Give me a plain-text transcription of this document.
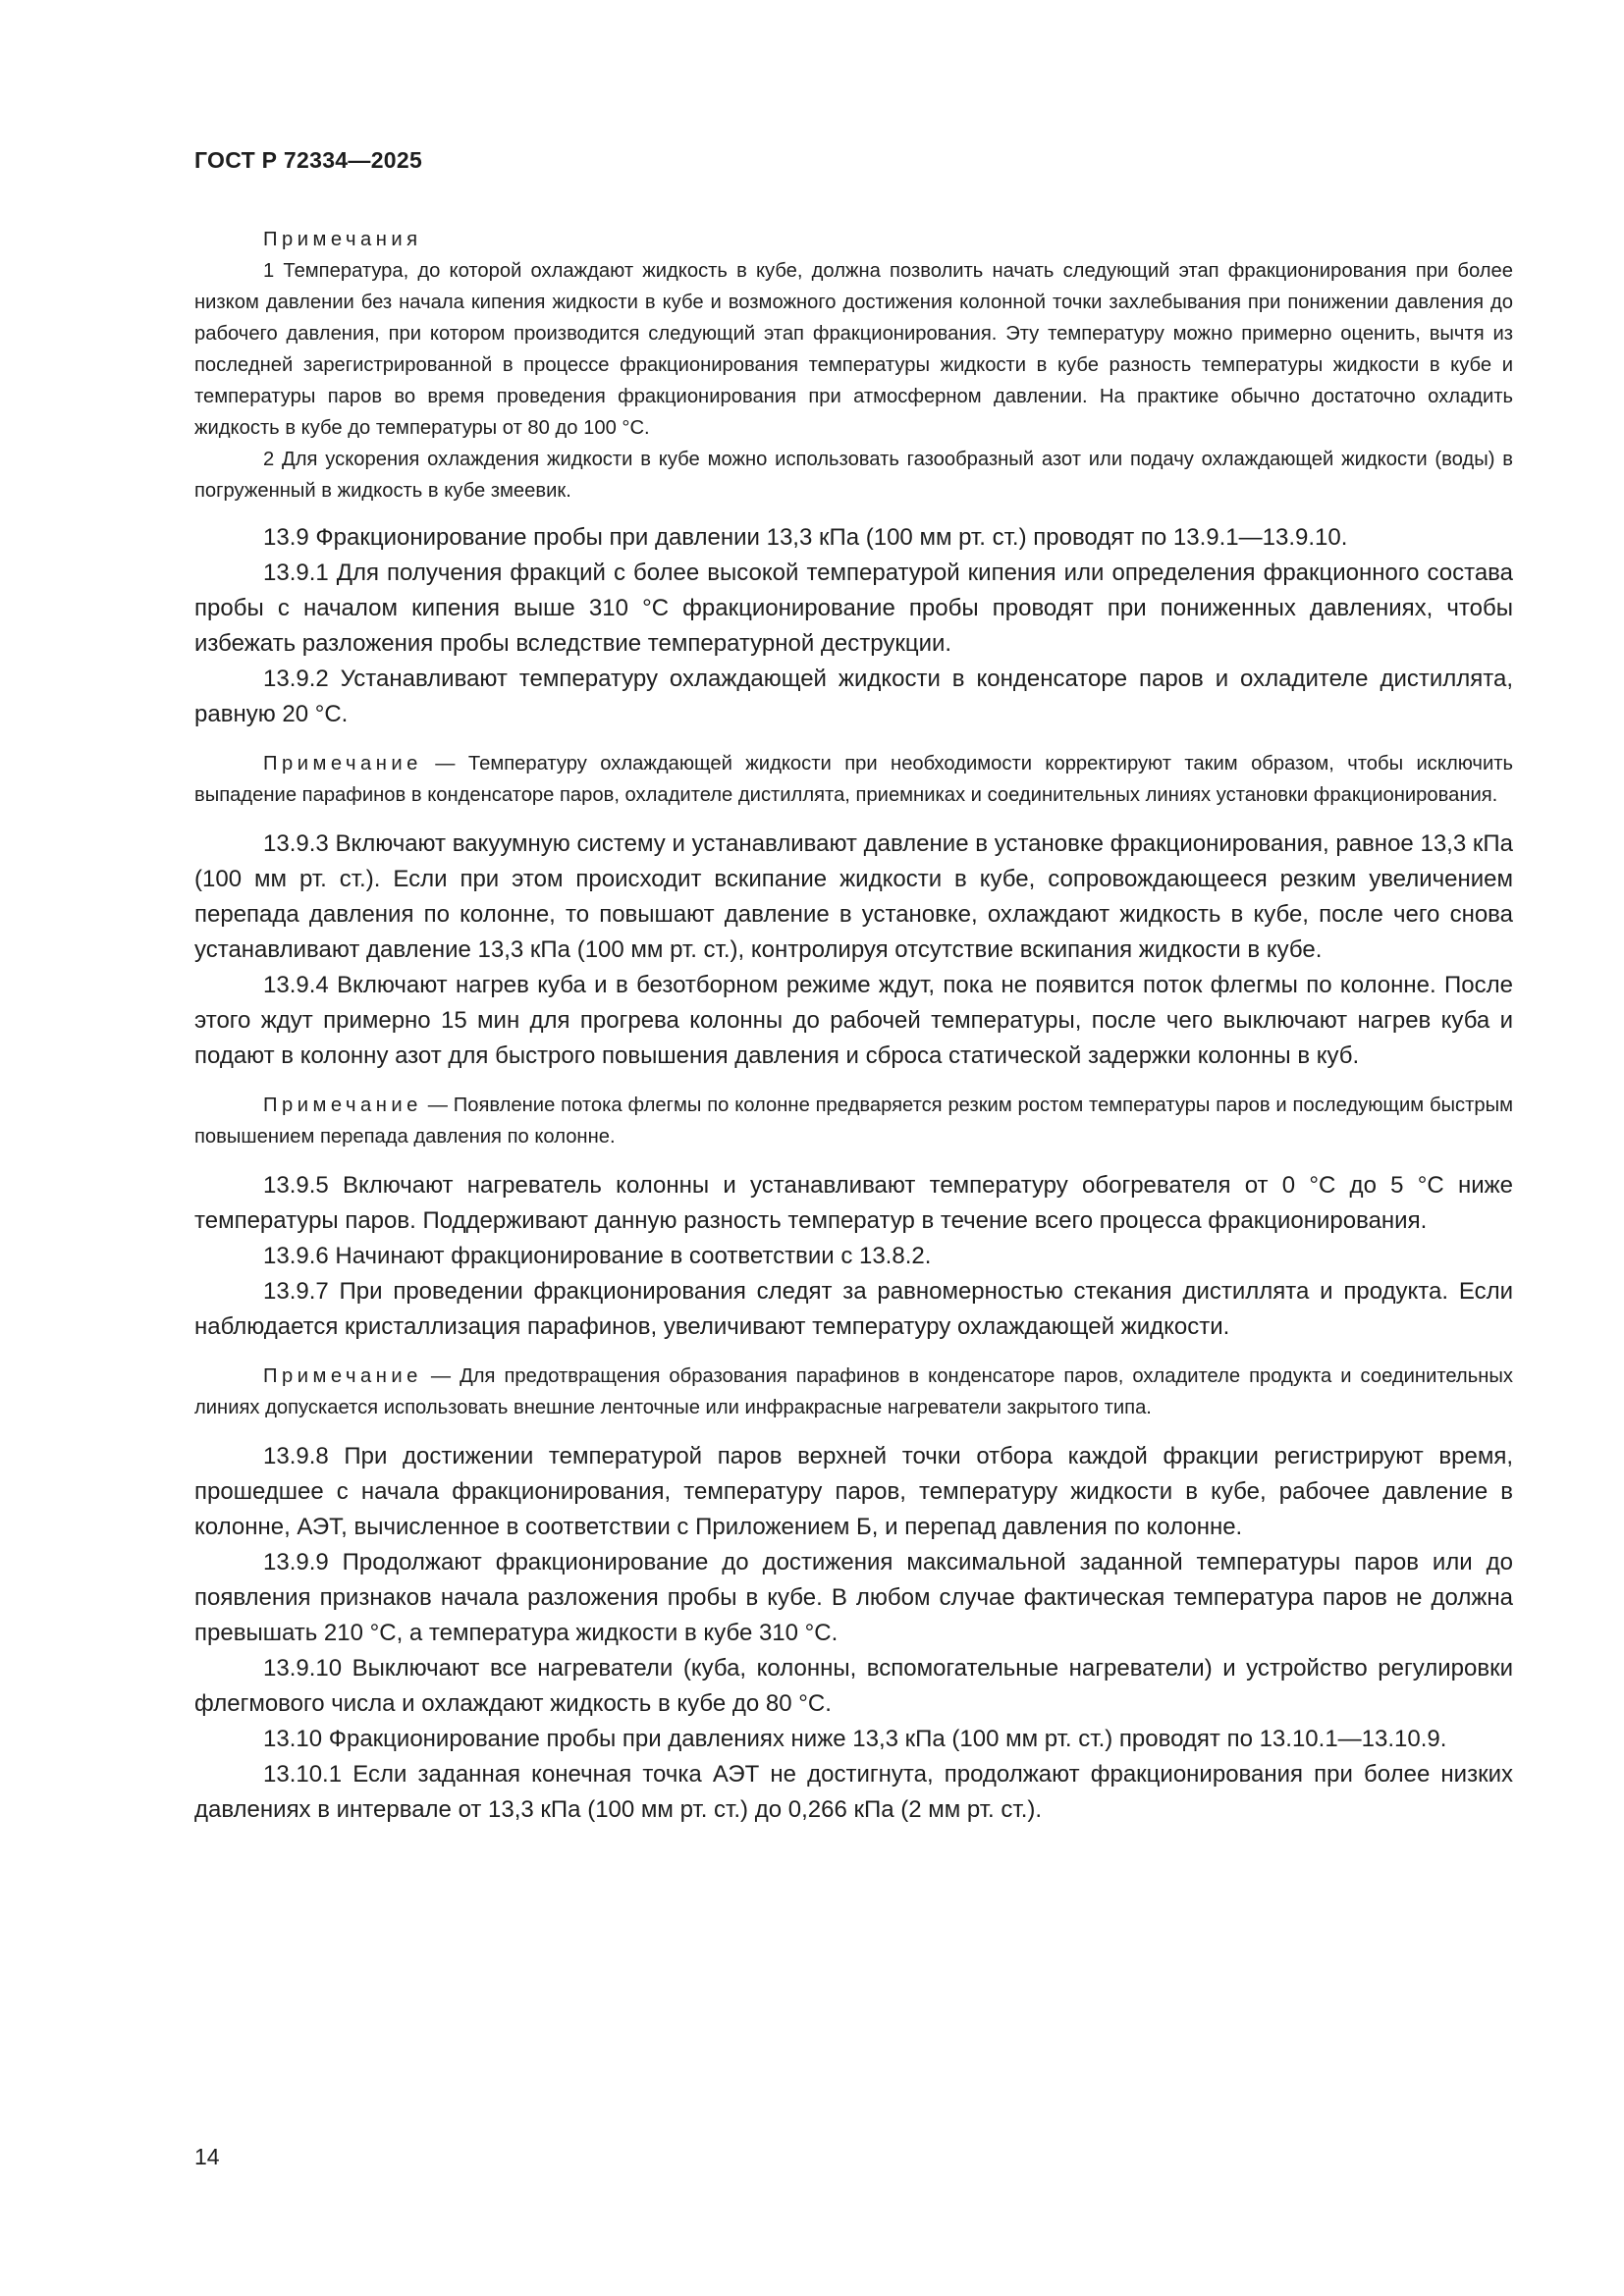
ГОСТ Р 72334—2025
Примечания

1 Температура, до которой охлаждают жидкость в кубе, должна позволить начать следующий этап фракционирования при более низком давлении без начала кипения жидкости в кубе и возможного достижения колонной точки захлебывания при понижении давления до рабочего давления, при котором производится следующий этап фракционирования. Эту температуру можно примерно оценить, вычтя из последней зарегистрированной в процессе фракционирования температуры жидкости в кубе разность температуры жидкости в кубе и температуры паров во время проведения фракционирования при атмосферном давлении. На практике обычно достаточно охладить жидкость в кубе до температуры от 80 до 100 °С.

2 Для ускорения охлаждения жидкости в кубе можно использовать газообразный азот или подачу охлаждающей жидкости (воды) в погруженный в жидкость в кубе змеевик.

13.9 Фракционирование пробы при давлении 13,3 кПа (100 мм рт. ст.) проводят по 13.9.1—13.9.10.

13.9.1 Для получения фракций с более высокой температурой кипения или определения фракционного состава пробы с началом кипения выше 310 °С фракционирование пробы проводят при пониженных давлениях, чтобы избежать разложения пробы вследствие температурной деструкции.

13.9.2 Устанавливают температуру охлаждающей жидкости в конденсаторе паров и охладителе дистиллята, равную 20 °С.

Примечание — Температуру охлаждающей жидкости при необходимости корректируют таким образом, чтобы исключить выпадение парафинов в конденсаторе паров, охладителе дистиллята, приемниках и соединительных линиях установки фракционирования.

13.9.3 Включают вакуумную систему и устанавливают давление в установке фракционирования, равное 13,3 кПа (100 мм рт. ст.). Если при этом происходит вскипание жидкости в кубе, сопровождающееся резким увеличением перепада давления по колонне, то повышают давление в установке, охлаждают жидкость в кубе, после чего снова устанавливают давление 13,3 кПа (100 мм рт. ст.), контролируя отсутствие вскипания жидкости в кубе.

13.9.4 Включают нагрев куба и в безотборном режиме ждут, пока не появится поток флегмы по колонне. После этого ждут примерно 15 мин для прогрева колонны до рабочей температуры, после чего выключают нагрев куба и подают в колонну азот для быстрого повышения давления и сброса статической задержки колонны в куб.

Примечание — Появление потока флегмы по колонне предваряется резким ростом температуры паров и последующим быстрым повышением перепада давления по колонне.

13.9.5 Включают нагреватель колонны и устанавливают температуру обогревателя от 0 °С до 5 °С ниже температуры паров. Поддерживают данную разность температур в течение всего процесса фракционирования.

13.9.6 Начинают фракционирование в соответствии с 13.8.2.

13.9.7 При проведении фракционирования следят за равномерностью стекания дистиллята и продукта. Если наблюдается кристаллизация парафинов, увеличивают температуру охлаждающей жидкости.

Примечание — Для предотвращения образования парафинов в конденсаторе паров, охладителе продукта и соединительных линиях допускается использовать внешние ленточные или инфракрасные нагреватели закрытого типа.

13.9.8 При достижении температурой паров верхней точки отбора каждой фракции регистрируют время, прошедшее с начала фракционирования, температуру паров, температуру жидкости в кубе, рабочее давление в колонне, АЭТ, вычисленное в соответствии с Приложением Б, и перепад давления по колонне.

13.9.9 Продолжают фракционирование до достижения максимальной заданной температуры паров или до появления признаков начала разложения пробы в кубе. В любом случае фактическая температура паров не должна превышать 210 °С, а температура жидкости в кубе 310 °С.

13.9.10 Выключают все нагреватели (куба, колонны, вспомогательные нагреватели) и устройство регулировки флегмового числа и охлаждают жидкость в кубе до 80 °С.

13.10 Фракционирование пробы при давлениях ниже 13,3 кПа (100 мм рт. ст.) проводят по 13.10.1—13.10.9.

13.10.1 Если заданная конечная точка АЭТ не достигнута, продолжают фракционирования при более низких давлениях в интервале от 13,3 кПа (100 мм рт. ст.) до 0,266 кПа (2 мм рт. ст.).

14
